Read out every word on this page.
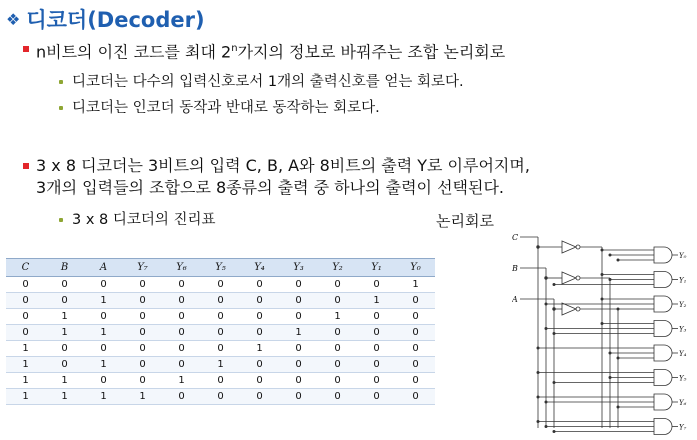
❖ 디코더(Decoder)
n비트의 이진 코드를 최대 2$^n$가지의 정보로 바꿔주는 조합 논리회로
디코더는 다수의 입력신호로서 1개의 출력신호를 얻는 회로다.
디코더는 인코더 동작과 반대로 동작하는 회로다.
3 x 8 디코더는 3비트의 입력 C, B, A와 8비트의 출력 Y로 이루어지며,
3개의 입력들의 조합으로 8종류의 출력 중 하나의 출력이 선택된다.
3 x 8 디코더의 진리표	논리회로
C	B	A	Y₇	Y₆	Y₅	Y₄	Y₃	Y₂	Y₁	Y₀
0	0	0	0	0	0	0	0	0	0	1
0	0	1	0	0	0	0	0	0	1	0
0	1	0	0	0	0	0	0	1	0	0
0	1	1	0	0	0	0	1	0	0	0
1	0	0	0	0	0	1	0	0	0	0
1	0	1	0	0	1	0	0	0	0	0
1	1	0	0	1	0	0	0	0	0	0
1	1	1	1	0	0	0	0	0	0	0
C
B
A
Y₀
Y₁
Y₂
Y₃
Y₄
Y₅
Y₆
Y₇
